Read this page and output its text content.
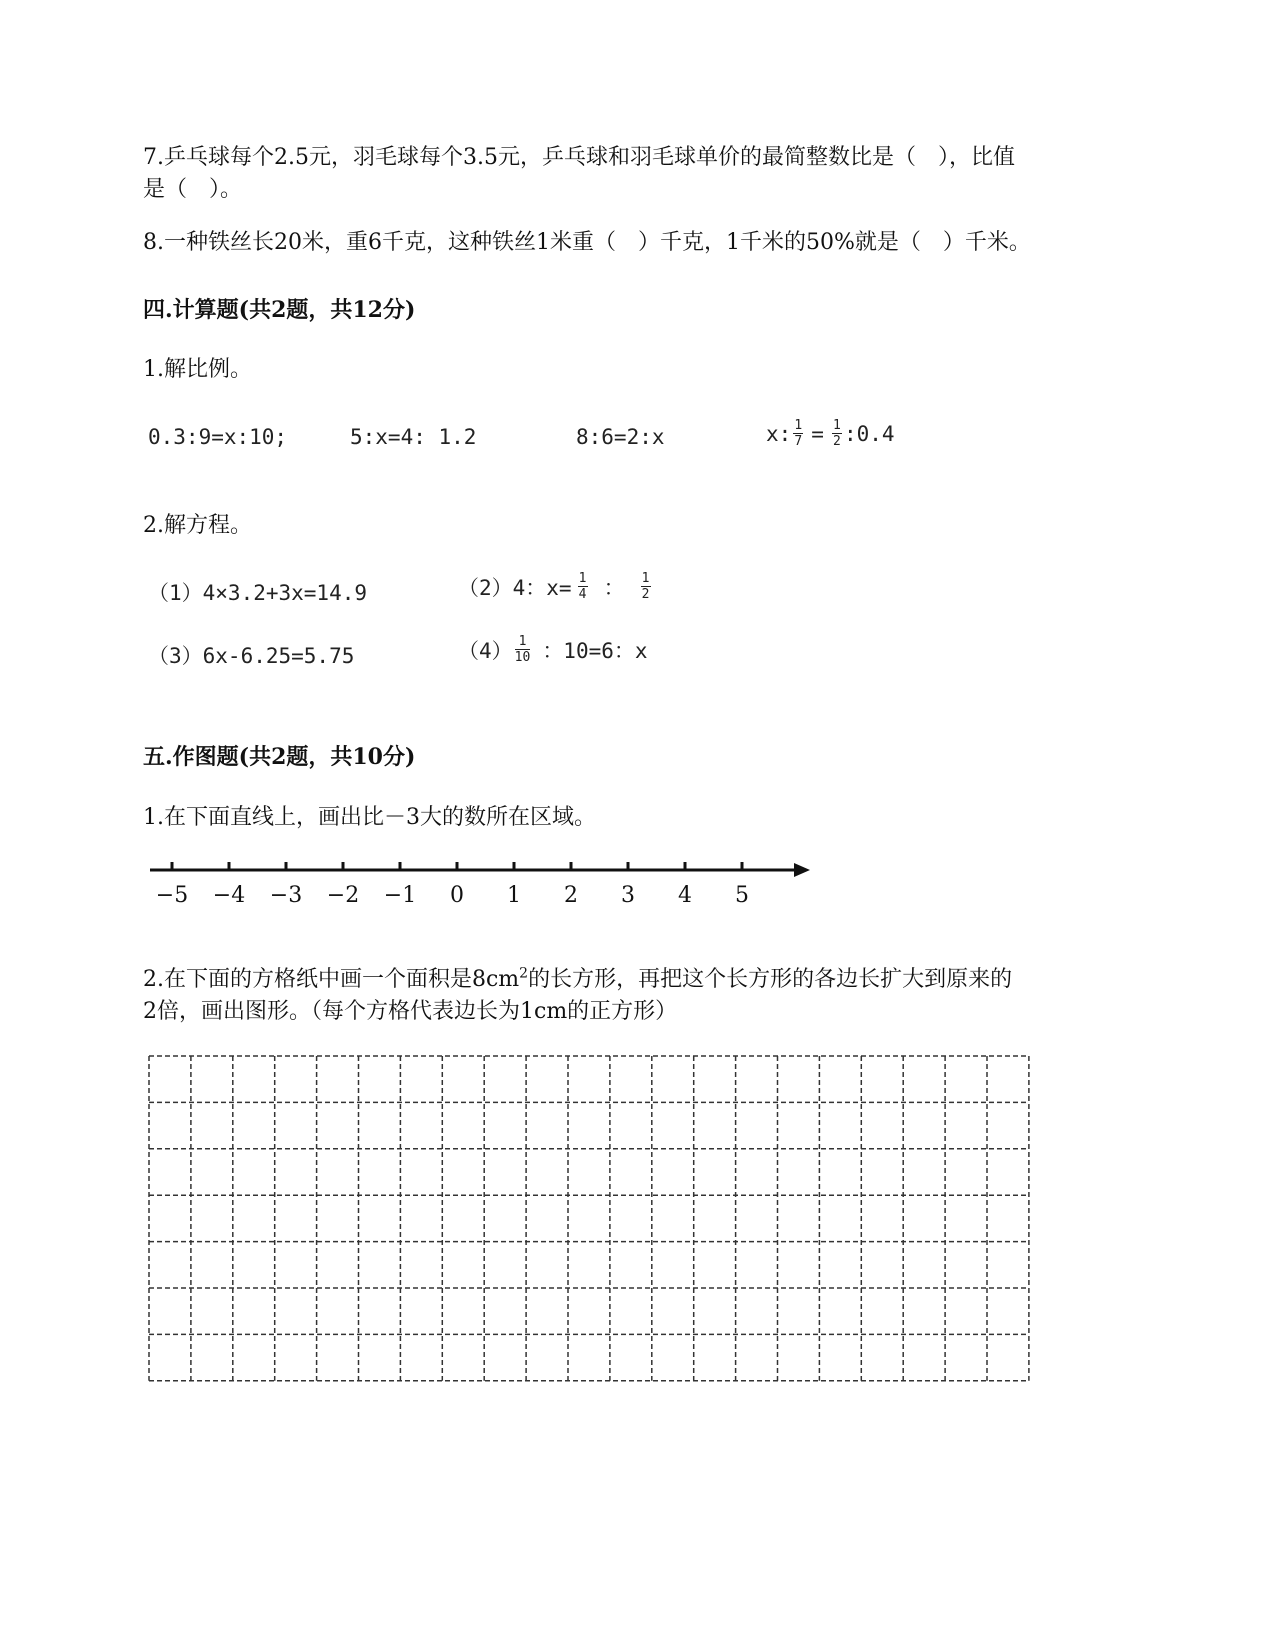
7.乒乓球每个2.5元，羽毛球每个3.5元，乒乓球和羽毛球单价的最简整数比是（　），比值
是（　）。
8.一种铁丝长20米，重6千克，这种铁丝1米重（　）千克，1千米的50%就是（　）千米。
四.计算题(共2题，共12分)
1.解比例。
0.3:9=x:10;	5:x=4: 1.2	8:6=2:x	x: $\frac{1}{7} = \frac{1}{2}$ :0.4
2.解方程。
（1）4×3.2+3x=14.9	（2）4：$x= \frac{1}{4}$ ： $\frac{1}{2}$
（3）6x-6.25=5.75	$(4) \frac{1}{10}$ ：10=6：x
五.作图题(共2题，共10分)
1.在下面直线上，画出比－3大的数所在区域。
−5 −4 −3 −2 −1 0 1 2 3 4 5
2.在下面的方格纸中画一个面积是$8cm^2$的长方形，再把这个长方形的各边长扩大到原来的
2倍，画出图形。（每个方格代表边长为1cm的正方形）
